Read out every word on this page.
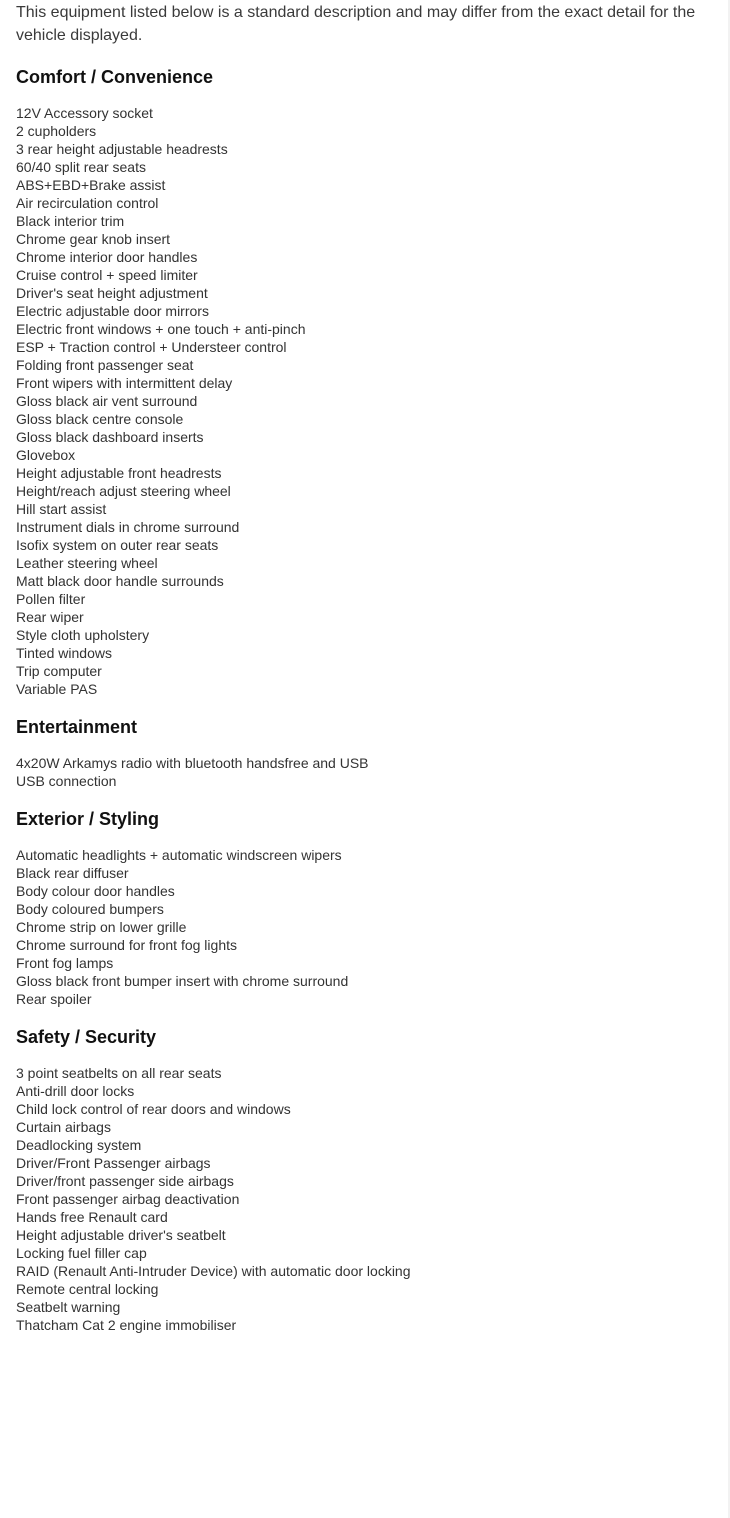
This equipment listed below is a standard description and may differ from the exact detail for the vehicle displayed.

Comfort / Convenience
12V Accessory socket
2 cupholders
3 rear height adjustable headrests
60/40 split rear seats
ABS+EBD+Brake assist
Air recirculation control
Black interior trim
Chrome gear knob insert
Chrome interior door handles
Cruise control + speed limiter
Driver's seat height adjustment
Electric adjustable door mirrors
Electric front windows + one touch + anti-pinch
ESP + Traction control + Understeer control
Folding front passenger seat
Front wipers with intermittent delay
Gloss black air vent surround
Gloss black centre console
Gloss black dashboard inserts
Glovebox
Height adjustable front headrests
Height/reach adjust steering wheel
Hill start assist
Instrument dials in chrome surround
Isofix system on outer rear seats
Leather steering wheel
Matt black door handle surrounds
Pollen filter
Rear wiper
Style cloth upholstery
Tinted windows
Trip computer
Variable PAS
Entertainment
4x20W Arkamys radio with bluetooth handsfree and USB
USB connection
Exterior / Styling
Automatic headlights + automatic windscreen wipers
Black rear diffuser
Body colour door handles
Body coloured bumpers
Chrome strip on lower grille
Chrome surround for front fog lights
Front fog lamps
Gloss black front bumper insert with chrome surround
Rear spoiler
Safety / Security
3 point seatbelts on all rear seats
Anti-drill door locks
Child lock control of rear doors and windows
Curtain airbags
Deadlocking system
Driver/Front Passenger airbags
Driver/front passenger side airbags
Front passenger airbag deactivation
Hands free Renault card
Height adjustable driver's seatbelt
Locking fuel filler cap
RAID (Renault Anti-Intruder Device) with automatic door locking
Remote central locking
Seatbelt warning
Thatcham Cat 2 engine immobiliser
